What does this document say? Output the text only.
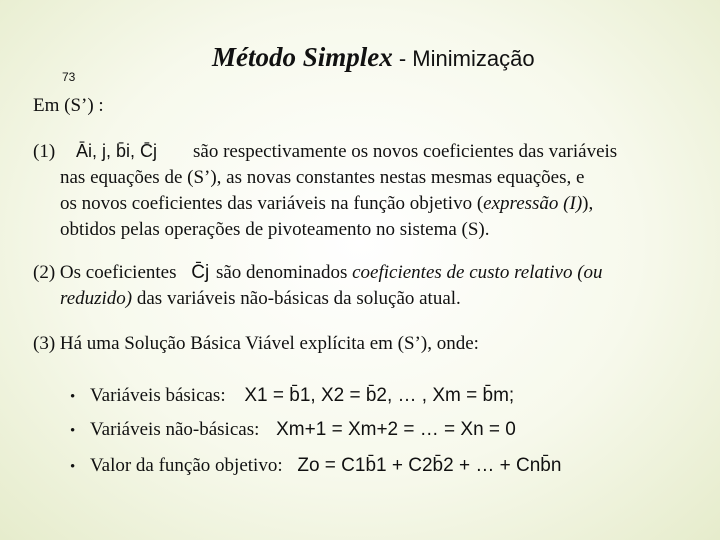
73
Método Simplex - Minimização
Em (S’) :
(1) Āi, j, b̄i, C̄j são respectivamente os novos coeficientes das variáveis
nas equações de (S’), as novas constantes nestas mesmas equações, e
os novos coeficientes das variáveis na função objetivo (expressão (I)),
obtidos pelas operações de pivoteamento no sistema (S).
(2) Os coeficientes C̄j são denominados coeficientes de custo relativo (ou
reduzido) das variáveis não-básicas da solução atual.
(3) Há uma Solução Básica Viável explícita em (S’), onde:
• Variáveis básicas: X1 = b̄1, X2 = b̄2, … , Xm = b̄m;
• Variáveis não-básicas: Xm+1 = Xm+2 = … = Xn = 0
• Valor da função objetivo: Zo = C1b̄1 + C2b̄2 + … + Cnb̄n
